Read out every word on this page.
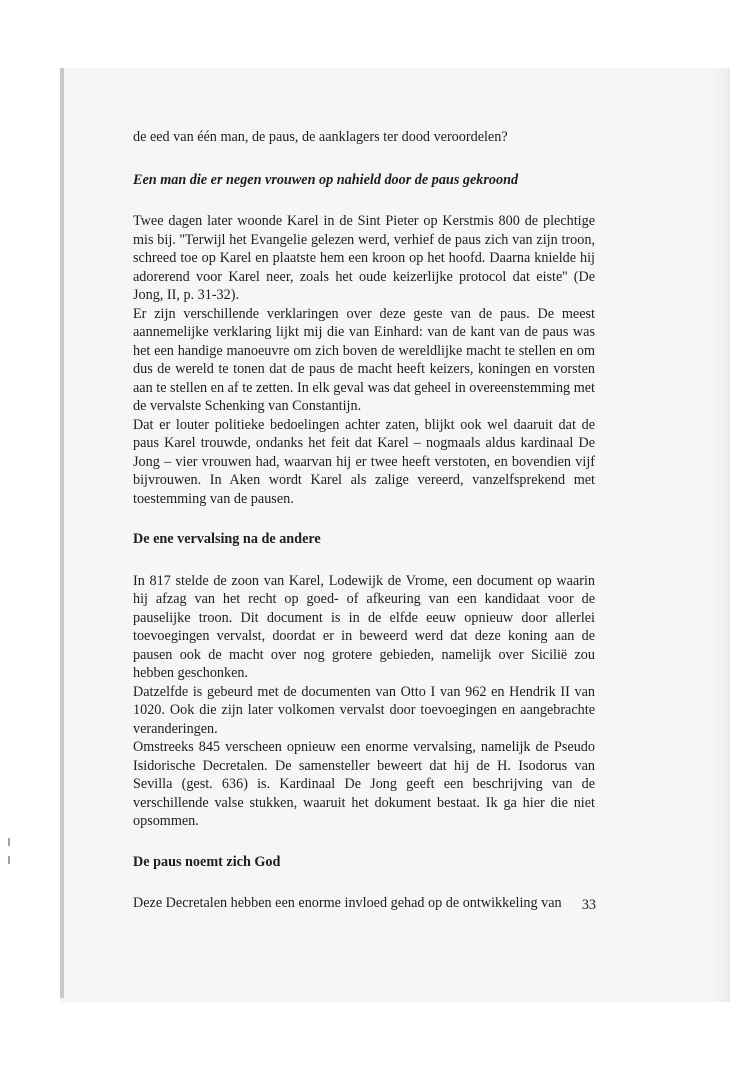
de eed van één man, de paus, de aanklagers ter dood veroordelen?

Een man die er negen vrouwen op nahield door de paus gekroond

Twee dagen later woonde Karel in de Sint Pieter op Kerstmis 800 de plechtige mis bij. ''Terwijl het Evangelie gelezen werd, verhief de paus zich van zijn troon, schreed toe op Karel en plaatste hem een kroon op het hoofd. Daarna knielde hij adorerend voor Karel neer, zoals het oude keizerlijke protocol dat eiste'' (De Jong, II, p. 31-32).

Er zijn verschillende verklaringen over deze geste van de paus. De meest aannemelijke verklaring lijkt mij die van Einhard: van de kant van de paus was het een handige manoeuvre om zich boven de wereldlijke macht te stellen en om dus de wereld te tonen dat de paus de macht heeft keizers, koningen en vorsten aan te stellen en af te zetten. In elk geval was dat geheel in overeenstemming met de vervalste Schenking van Constantijn.

Dat er louter politieke bedoelingen achter zaten, blijkt ook wel daaruit dat de paus Karel trouwde, ondanks het feit dat Karel – nogmaals aldus kardinaal De Jong – vier vrouwen had, waarvan hij er twee heeft verstoten, en bovendien vijf bijvrouwen. In Aken wordt Karel als zalige vereerd, vanzelfsprekend met toestemming van de pausen.

De ene vervalsing na de andere

In 817 stelde de zoon van Karel, Lodewijk de Vrome, een document op waarin hij afzag van het recht op goed- of afkeuring van een kandidaat voor de pauselijke troon. Dit document is in de elfde eeuw opnieuw door allerlei toevoegingen vervalst, doordat er in beweerd werd dat deze koning aan de pausen ook de macht over nog grotere gebieden, namelijk over Sicilië zou hebben geschonken.

Datzelfde is gebeurd met de documenten van Otto I van 962 en Hendrik II van 1020. Ook die zijn later volkomen vervalst door toevoegingen en aangebrachte veranderingen.

Omstreeks 845 verscheen opnieuw een enorme vervalsing, namelijk de Pseudo Isidorische Decretalen. De samensteller beweert dat hij de H. Isodorus van Sevilla (gest. 636) is. Kardinaal De Jong geeft een beschrijving van de verschillende valse stukken, waaruit het dokument bestaat. Ik ga hier die niet opsommen.

De paus noemt zich God

Deze Decretalen hebben een enorme invloed gehad op de ontwikkeling van	33
